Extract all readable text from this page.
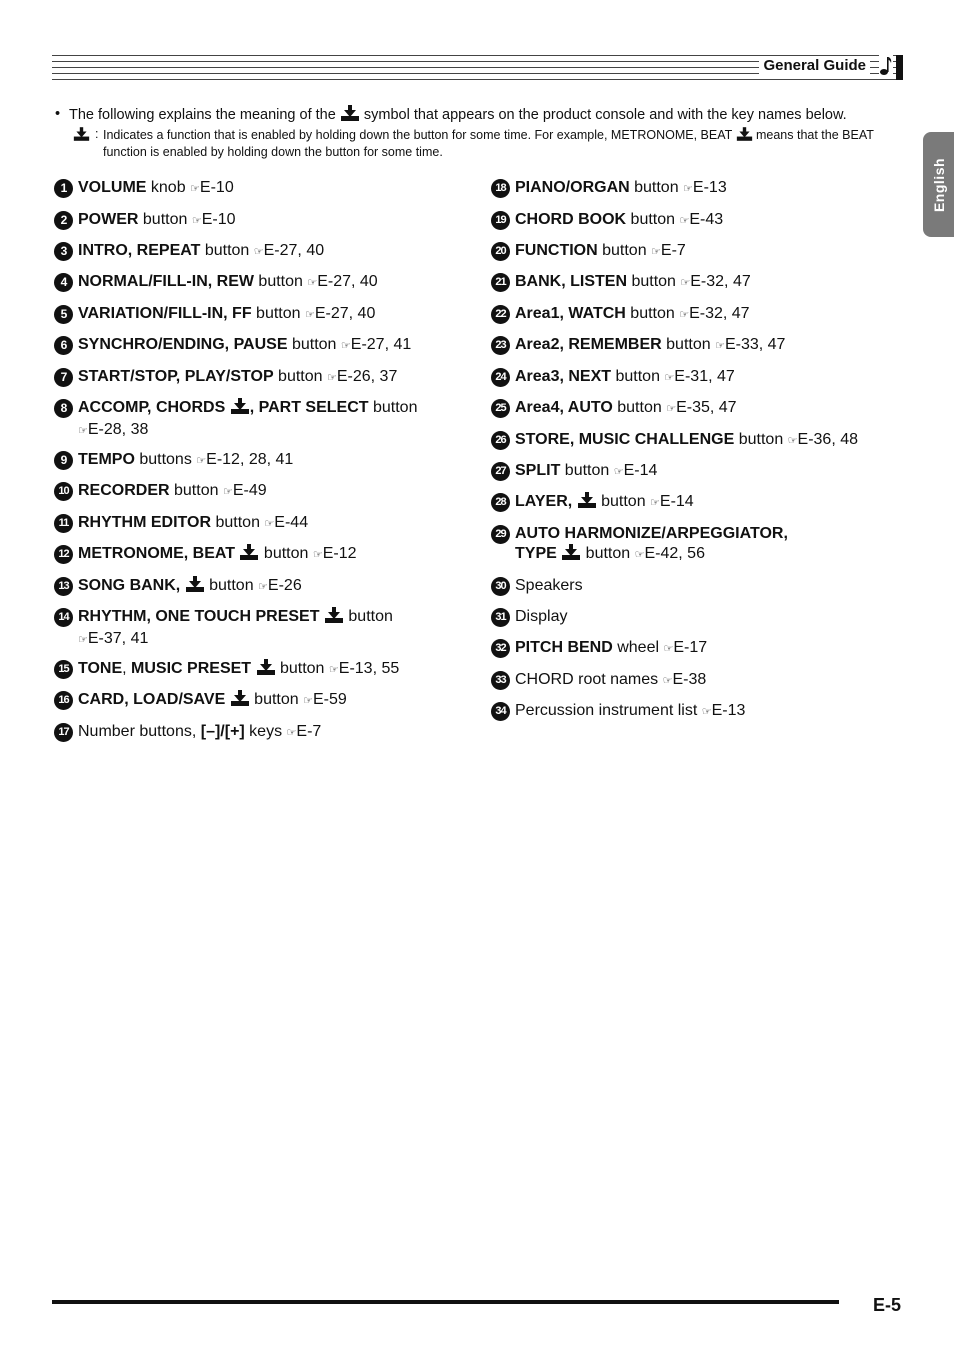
General Guide
English
• The following explains the meaning of the symbol that appears on the product console and with the key names below.
: Indicates a function that is enabled by holding down the button for some time. For example, METRONOME, BEAT means that the BEAT function is enabled by holding down the button for some time.
1 VOLUME knob ☞E-10
2 POWER button ☞E-10
3 INTRO, REPEAT button ☞E-27, 40
4 NORMAL/FILL-IN, REW button ☞E-27, 40
5 VARIATION/FILL-IN, FF button ☞E-27, 40
6 SYNCHRO/ENDING, PAUSE button ☞E-27, 41
7 START/STOP, PLAY/STOP button ☞E-26, 37
8 ACCOMP, CHORDS , PART SELECT button
☞E-28, 38
9 TEMPO buttons ☞E-12, 28, 41
10 RECORDER button ☞E-49
11 RHYTHM EDITOR button ☞E-44
12 METRONOME, BEAT  button ☞E-12
13 SONG BANK,  button ☞E-26
14 RHYTHM, ONE TOUCH PRESET  button
☞E-37, 41
15 TONE, MUSIC PRESET  button ☞E-13, 55
16 CARD, LOAD/SAVE  button ☞E-59
17 Number buttons, [–]/[+] keys ☞E-7
18 PIANO/ORGAN button ☞E-13
19 CHORD BOOK button ☞E-43
20 FUNCTION button ☞E-7
21 BANK, LISTEN button ☞E-32, 47
22 Area1, WATCH button ☞E-32, 47
23 Area2, REMEMBER button ☞E-33, 47
24 Area3, NEXT button ☞E-31, 47
25 Area4, AUTO button ☞E-35, 47
26 STORE, MUSIC CHALLENGE button ☞E-36, 48
27 SPLIT button ☞E-14
28 LAYER,  button ☞E-14
29 AUTO HARMONIZE/ARPEGGIATOR,
TYPE  button ☞E-42, 56
30 Speakers
31 Display
32 PITCH BEND wheel ☞E-17
33 CHORD root names ☞E-38
34 Percussion instrument list ☞E-13
E-5
